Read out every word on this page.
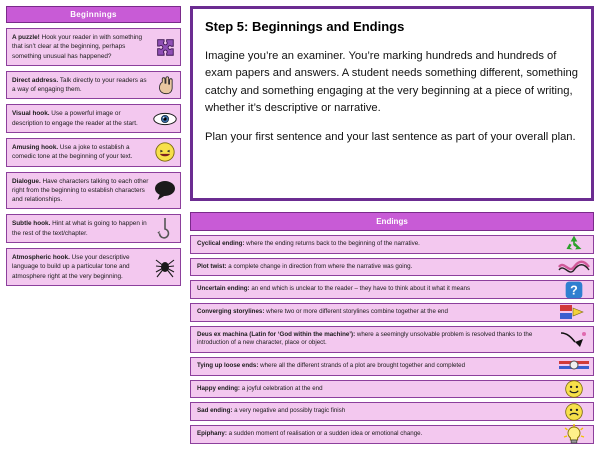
Beginnings
A puzzle! Hook your reader in with something that isn’t clear at the beginning, perhaps something unusual has happened?
Direct address. Talk directly to your readers as a way of engaging them.
Visual hook. Use a powerful image or description to engage the reader at the start.
Amusing hook. Use a joke to establish a comedic tone at the beginning of your text.
Dialogue. Have characters talking to each other right from the beginning to establish characters and relationships.
Subtle hook. Hint at what is going to happen in the rest of the text/chapter.
Atmospheric hook. Use your descriptive language to build up a particular tone and atmosphere right at the very beginning.
Step 5: Beginnings and Endings

Imagine you’re an examiner. You’re marking hundreds and hundreds of exam papers and answers. A student needs something different, something catchy and something engaging at the very beginning at a piece of writing, whether it’s descriptive or narrative.

Plan your first sentence and your last sentence as part of your overall plan.

Endings
Cyclical ending: where the ending returns back to the beginning of the narrative.
Plot twist: a complete change in direction from where the narrative was going.
Uncertain ending: an end which is unclear to the reader – they have to think about it what it means	?
Converging storylines: where two or more different storylines combine together at the end
Deus ex machina (Latin for ‘God within the machine’): where a seemingly unsolvable problem is resolved thanks to the introduction of a new character, place or object.
Tying up loose ends: where all the different strands of a plot are brought together and completed
Happy ending: a joyful celebration at the end
Sad ending: a very negative and possibly tragic finish
Epiphany: a sudden moment of realisation or a sudden idea or emotional change.
